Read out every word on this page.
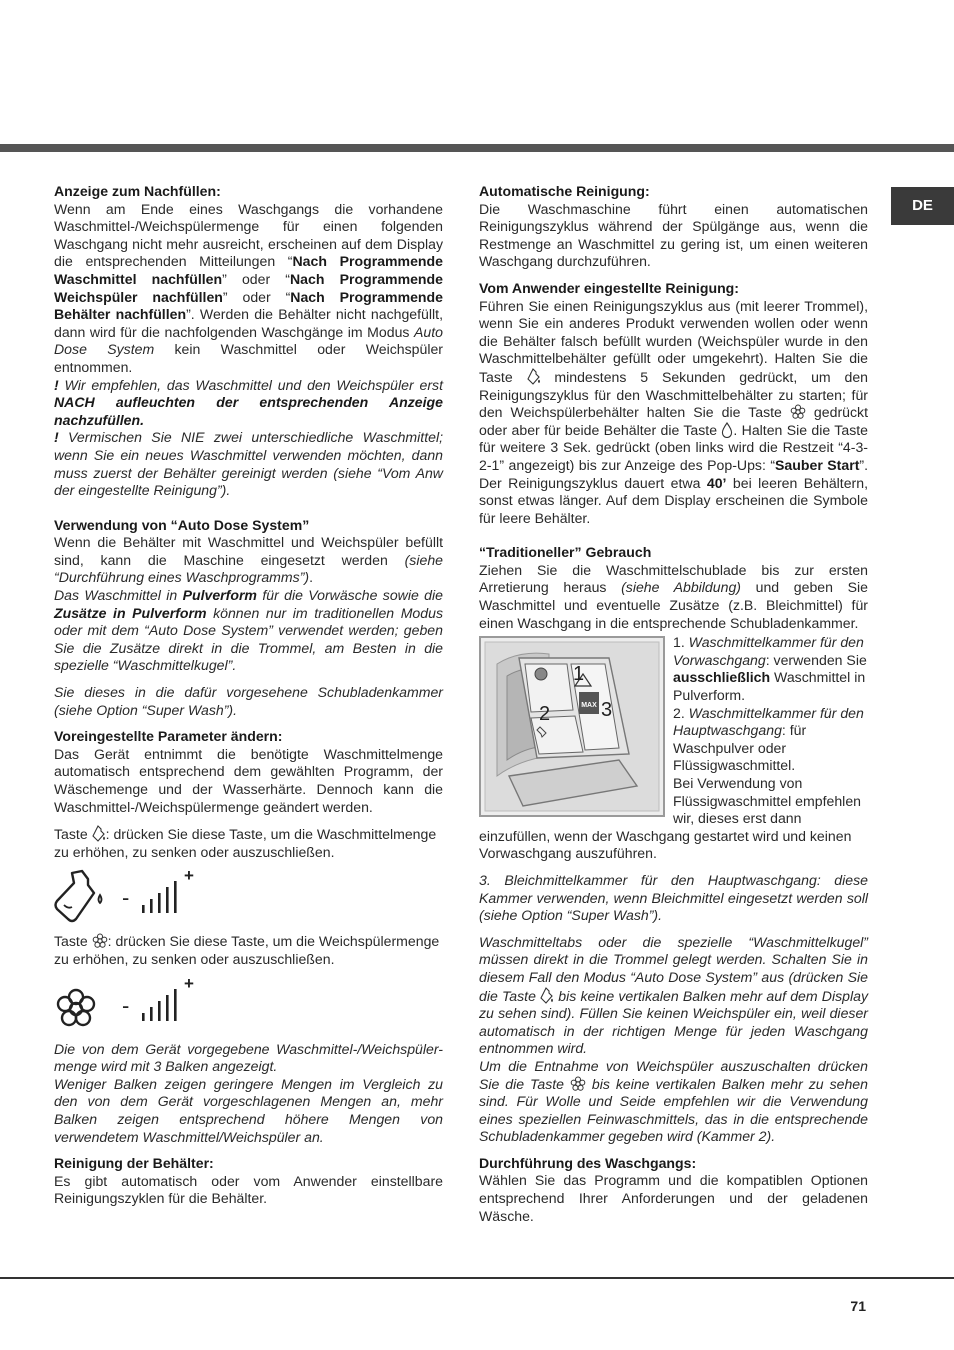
DE

Anzeige zum Nachfüllen:
Wenn am Ende eines Waschgangs die vorhandene Waschmittel-/Weichspülermenge für einen folgenden Waschgang nicht mehr ausreicht, erscheinen auf dem Display die entsprechenden Mitteilungen “Nach Programmende Waschmittel nachfüllen” oder “Nach Programmende Weichspüler nachfüllen” oder “Nach Programmende Behälter nachfüllen”. Werden die Behälter nicht nachgefüllt, dann wird für die nachfolgenden Waschgänge im Modus Auto Dose System kein Waschmittel oder Weichspüler entnommen.
! Wir empfehlen, das Waschmittel und den Weichspüler erst NACH aufleuchten der entsprechenden Anzeige nachzufüllen.
! Vermischen Sie NIE zwei unterschiedliche Waschmittel; wenn Sie ein neues Waschmittel verwenden möchten, dann muss zuerst der Behälter gereinigt werden (siehe “Vom Anw der eingestellte Reinigung”).

Verwendung von “Auto Dose System”
Wenn die Behälter mit Waschmittel und Weichspüler befüllt sind, kann die Maschine eingesetzt werden (siehe “Durchführung eines Waschprogramms”).
Das Waschmittel in Pulverform für die Vorwäsche sowie die Zusätze in Pulverform können nur im traditionellen Modus oder mit dem “Auto Dose System” verwendet werden; geben Sie die Zusätze direkt in die Trommel, am Besten in die spezielle “Waschmittelkugel”.

Sie dieses in die dafür vorgesehene Schubladenkammer (siehe Option “Super Wash”).

Voreingestellte Parameter ändern:
Das Gerät entnimmt die benötigte Waschmittelmenge automatisch entsprechend dem gewählten Programm, der Wäschemenge und der Wasserhärte. Dennoch kann die Waschmittel-/Weichspülermenge geändert werden.

Taste : drücken Sie diese Taste, um die Waschmittelmenge zu erhöhen, zu senken oder auszuschließen.

-
+

Taste : drücken Sie diese Taste, um die Weichspülermenge zu erhöhen, zu senken oder auszuschließen.

-
+

Die von dem Gerät vorgegebene Waschmittel-/Weichspüler-menge wird mit 3 Balken angezeigt.
Weniger Balken zeigen geringere Mengen im Vergleich zu den von dem Gerät vorgeschlagenen Mengen an, mehr Balken zeigen entsprechend höhere Mengen von verwendetem Waschmittel/Weichspüler an.

Reinigung der Behälter:
Es gibt automatisch oder vom Anwender einstellbare Reinigungszyklen für die Behälter.

Automatische Reinigung:
Die Waschmaschine führt einen automatischen Reinigungszyklus während der Spülgänge aus, wenn die Restmenge an Waschmittel zu gering ist, um einen weiteren Waschgang durchzuführen.

Vom Anwender eingestellte Reinigung:
Führen Sie einen Reinigungszyklus aus (mit leerer Trommel), wenn Sie ein anderes Produkt verwenden wollen oder wenn die Behälter falsch befüllt wurden (Weichspüler wurde in den Waschmittelbehälter gefüllt oder umgekehrt). Halten Sie die Taste  mindestens 5 Sekunden gedrückt, um den Reinigungszyklus für den Waschmittelbehälter zu starten; für den Weichspülerbehälter halten Sie die Taste  gedrückt oder aber für beide Behälter die Taste . Halten Sie die Taste für weitere 3 Sek. gedrückt (oben links wird die Restzeit “4-3-2-1” angezeigt) bis zur Anzeige des Pop-Ups: “Sauber Start”. Der Reinigungszyklus dauert etwa 40’ bei leeren Behältern, sonst etwas länger. Auf dem Display erscheinen die Symbole für leere Behälter.

“Traditioneller” Gebrauch
Ziehen Sie die Waschmittelschublade bis zur ersten Arretierung heraus (siehe Abbildung) und geben Sie Waschmittel und eventuelle Zusätze (z.B. Bleichmittel) für einen Waschgang in die entsprechende Schubladenkammer.

MAX
1
2	3
1. Waschmittelkammer für den Vorwaschgang: verwenden Sie ausschließlich Waschmittel in Pulverform.
2. Waschmittelkammer für den Hauptwaschgang: für Waschpulver oder Flüssigwaschmittel.
Bei Verwendung von Flüssigwaschmittel empfehlen wir, dieses erst dann einzufüllen, wenn der Waschgang gestartet wird und keinen Vorwaschgang auszuführen.

3. Bleichmittelkammer für den Hauptwaschgang: diese Kammer verwenden, wenn Bleichmittel eingesetzt werden soll (siehe Option “Super Wash”).

Waschmitteltabs oder die spezielle “Waschmittelkugel” müssen direkt in die Trommel gelegt werden. Schalten Sie in diesem Fall den Modus “Auto Dose System” aus (drücken Sie die Taste  bis keine vertikalen Balken mehr auf dem Display zu sehen sind). Füllen Sie keinen Weichspüler ein, weil dieser automatisch in der richtigen Menge für jeden Waschgang entnommen wird.
Um die Entnahme von Weichspüler auszuschalten drücken Sie die Taste  bis keine vertikalen Balken mehr zu sehen sind. Für Wolle und Seide empfehlen wir die Verwendung eines speziellen Feinwaschmittels, das in die entsprechende Schubladenkammer gegeben wird (Kammer 2).

Durchführung des Waschgangs:
Wählen Sie das Programm und die kompatiblen Optionen entsprechend Ihrer Anforderungen und der geladenen Wäsche.

71
